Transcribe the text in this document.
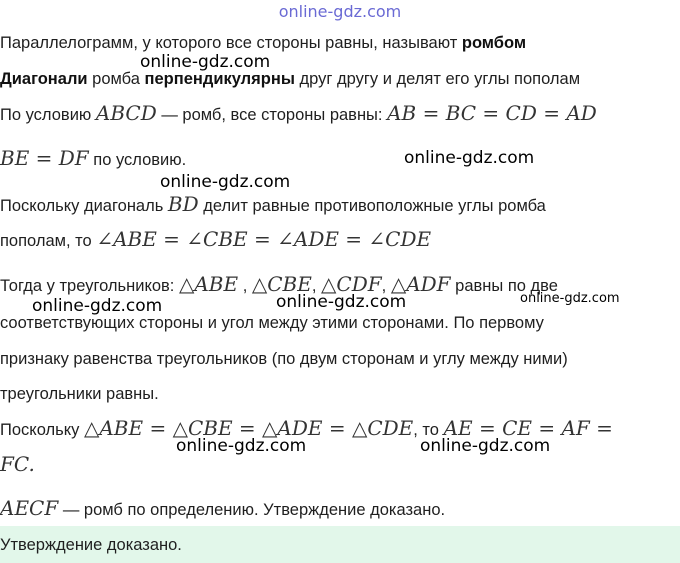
online-gdz.com
Параллелограмм, у которого все стороны равны, называют ромбом
Диагонали ромба перпендикулярны друг другу и делят его углы пополам
По условию ABCD — ромб, все стороны равны: AB = BC = CD = AD
BE = DF по условию.
Поскольку диагональ BD делит равные противоположные углы ромба
пополам, то ∠ABE = ∠CBE = ∠ADE = ∠CDE
Тогда у треугольников: △ABE , △CBE, △CDF, △ADF равны по две
соответствующих стороны и угол между этими сторонами. По первому
признаку равенства треугольников (по двум сторонам и углу между ними)
треугольники равны.
Поскольку △ABE = △CBE = △ADE = △CDE, то AE = CE = AF =
FC.
AECF — ромб по определению. Утверждение доказано.
Утверждение доказано.
online-gdz.com
online-gdz.com
online-gdz.com
online-gdz.com	online-gdz.com	online-gdz.com
online-gdz.com	online-gdz.com
